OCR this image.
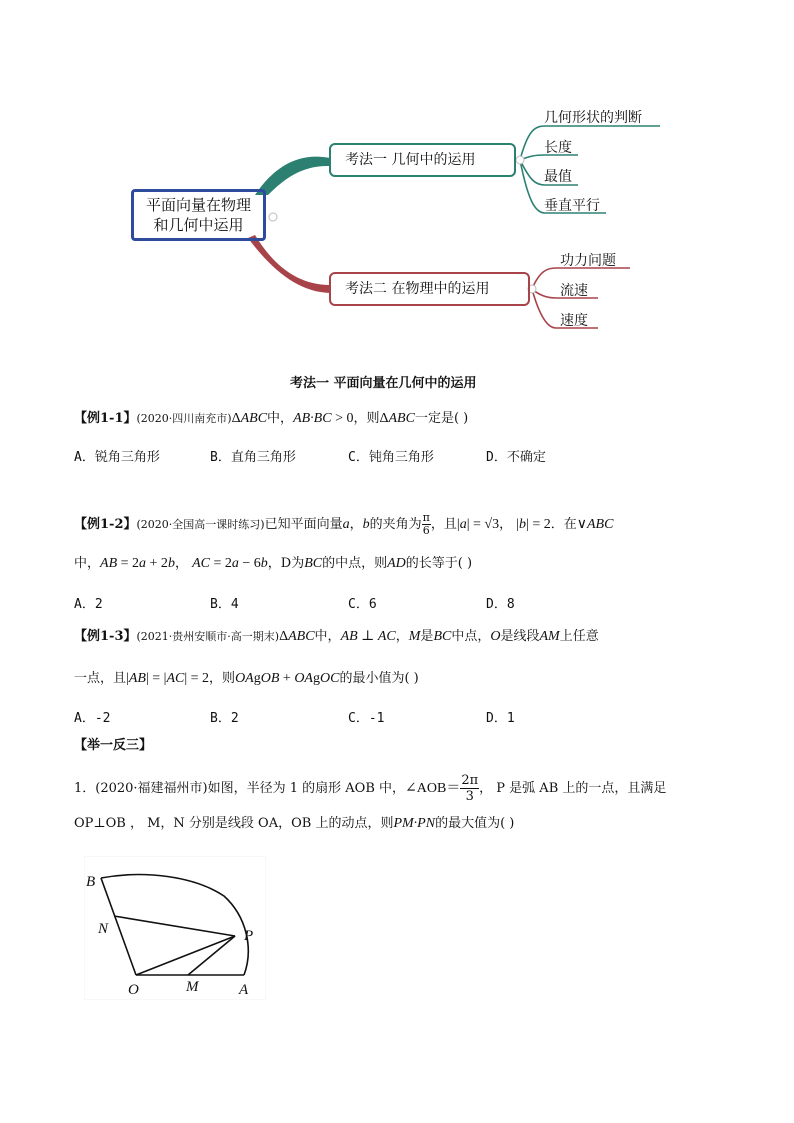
平面向量在物理
和几何中运用
考法一 几何中的运用
考法二 在物理中的运用
几何形状的判断
长度
最值
垂直平行
功力问题
流速
速度
考法一 平面向量在几何中的运用
【例1-1】(2020·四川南充市)ΔABC中，AB·BC > 0，则ΔABC一定是( )
A．锐角三角形	B．直角三角形	C．钝角三角形	D．不确定
【例1-2】(2020·全国高一课时练习)已知平面向量a，b的夹角为 $\frac{\pi}{6}$ ，且|a| = √3， |b| = 2．在∨ABC
中，AB = 2a + 2b， AC = 2a − 6b，D为BC的中点，则AD的长等于( )
A．2	B．4	C．6	D．8
【例1-3】(2021·贵州安顺市·高一期末)ΔABC中，AB ⊥ AC，M是BC中点，O是线段AM上任意
一点，且|AB| = |AC| = 2，则OAgOB + OAgOC的最小值为( )
A．-2	B．2	C．-1	D．1
【举一反三】
1．(2020·福建福州市)如图，半径为 1 的扇形 AOB 中，∠AOB＝ $\frac{2\pi}{3}$ ， P 是弧 AB 上的一点，且满足
OP⊥OB ， M，N 分别是线段 OA，OB 上的动点，则PM·PN的最大值为( )
B
N	P
O	M	A
